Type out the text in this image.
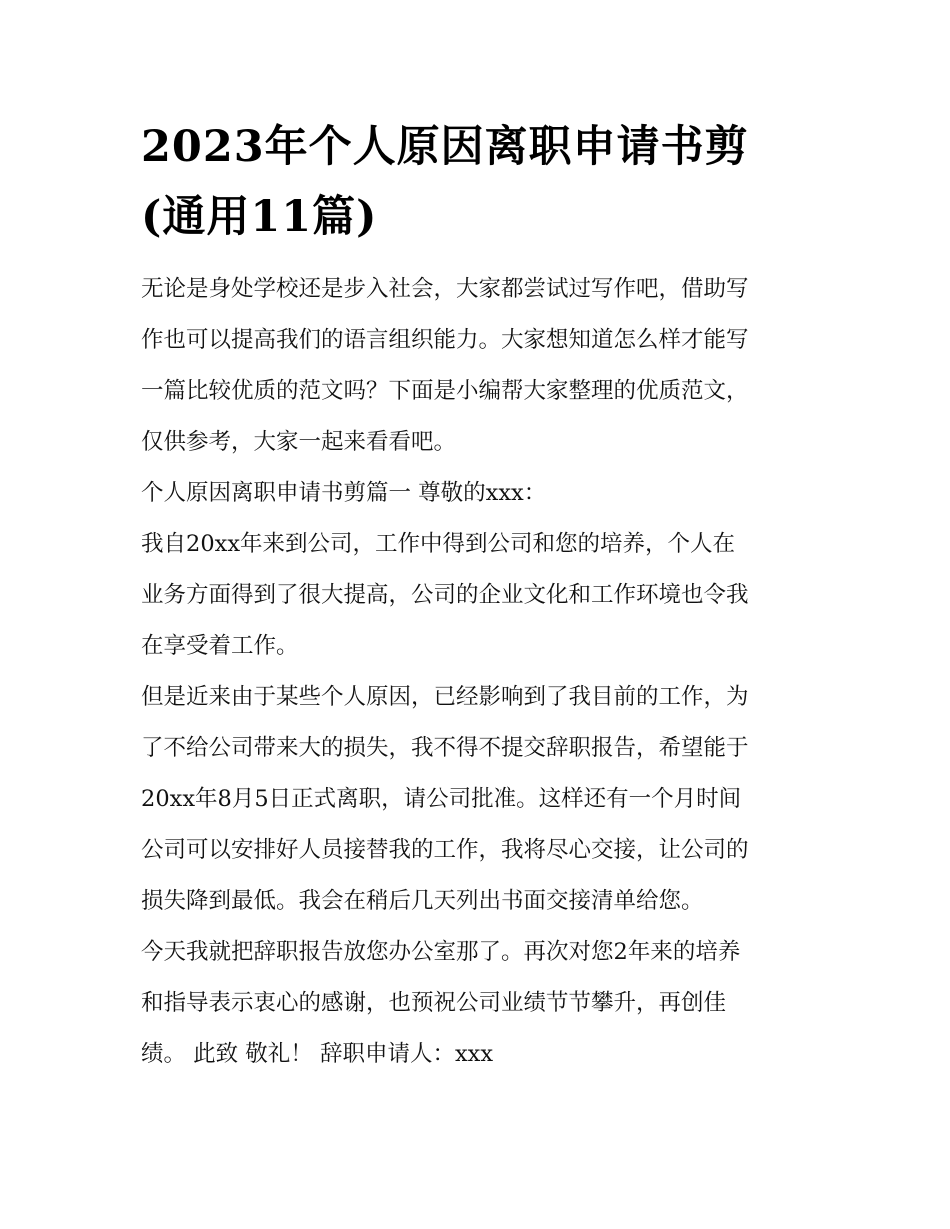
2023年个人原因离职申请书剪
(通用11篇)

无论是身处学校还是步入社会，大家都尝试过写作吧，借助写
作也可以提高我们的语言组织能力。大家想知道怎么样才能写
一篇比较优质的范文吗？下面是小编帮大家整理的优质范文，
仅供参考，大家一起来看看吧。

个人原因离职申请书剪篇一 尊敬的xxx：

我自20xx年来到公司，工作中得到公司和您的培养，个人在
业务方面得到了很大提高，公司的企业文化和工作环境也令我
在享受着工作。

但是近来由于某些个人原因，已经影响到了我目前的工作，为
了不给公司带来大的损失，我不得不提交辞职报告，希望能于
20xx年8月5日正式离职，请公司批准。这样还有一个月时间
公司可以安排好人员接替我的工作，我将尽心交接，让公司的
损失降到最低。我会在稍后几天列出书面交接清单给您。

今天我就把辞职报告放您办公室那了。再次对您2年来的培养
和指导表示衷心的感谢，也预祝公司业绩节节攀升，再创佳
绩。 此致 敬礼！ 辞职申请人：xxx
